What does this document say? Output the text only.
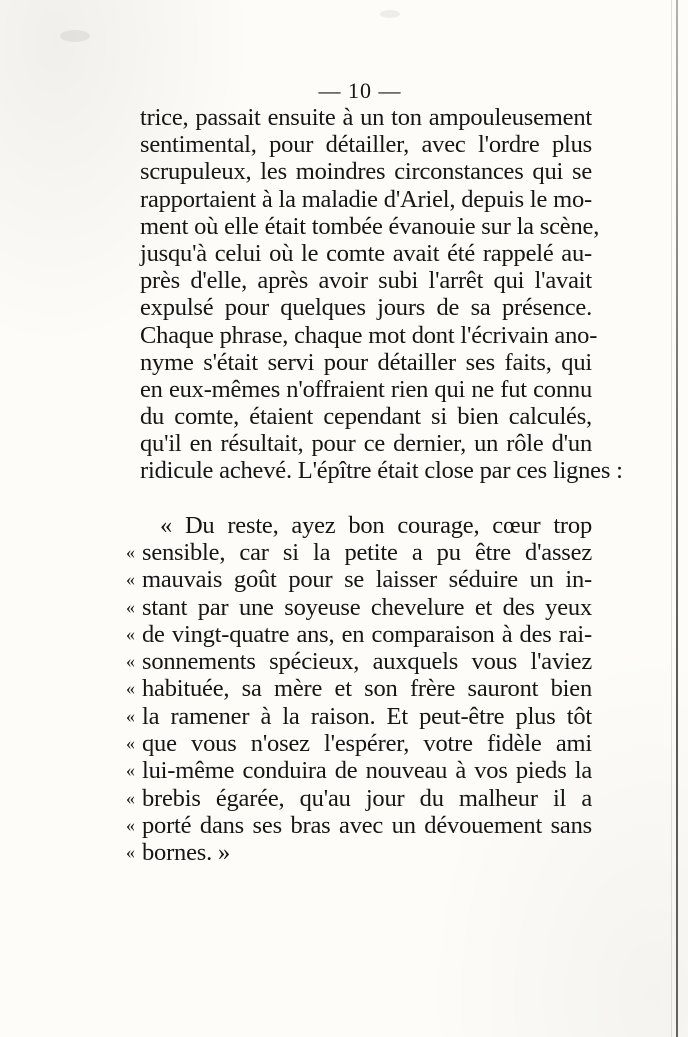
— 10 —
trice, passait ensuite à un ton ampoulеusement
sentimental, pour détailler, avec l'ordre plus
scrupuleux, les moindres circonstances qui se
rapportaient à la maladie d'Ariel, depuis le mo-
ment où elle était tombée évanouie sur la scène,
jusqu'à celui où le comte avait été rappelé au-
près d'elle, après avoir subi l'arrêt qui l'avait
expulsé pour quelques jours de sa présence.
Chaque phrase, chaque mot dont l'écrivain ano-
nyme s'était servi pour détailler ses faits, qui
en eux-mêmes n'offraient rien qui ne fut connu
du comte, étaient cependant si bien calculés,
qu'il en résultait, pour ce dernier, un rôle d'un
ridicule achevé. L'épître était close par ces lignes :
« Du reste, ayez bon courage, cœur trop
« sensible, car si la petite a pu être d'assez
« mauvais goût pour se laisser séduire un in-
« stant par une soyeuse chevelure et des yeux
« de vingt-quatre ans, en comparaison à des rai-
« sonnements spécieux, auxquels vous l'aviez
« habituée, sa mère et son frère sauront bien
« la ramener à la raison. Et peut-être plus tôt
« que vous n'osez l'espérer, votre fidèle ami
« lui-même conduira de nouveau à vos pieds la
« brebis égarée, qu'au jour du malheur il a
« porté dans ses bras avec un dévouement sans
« bornes. »
